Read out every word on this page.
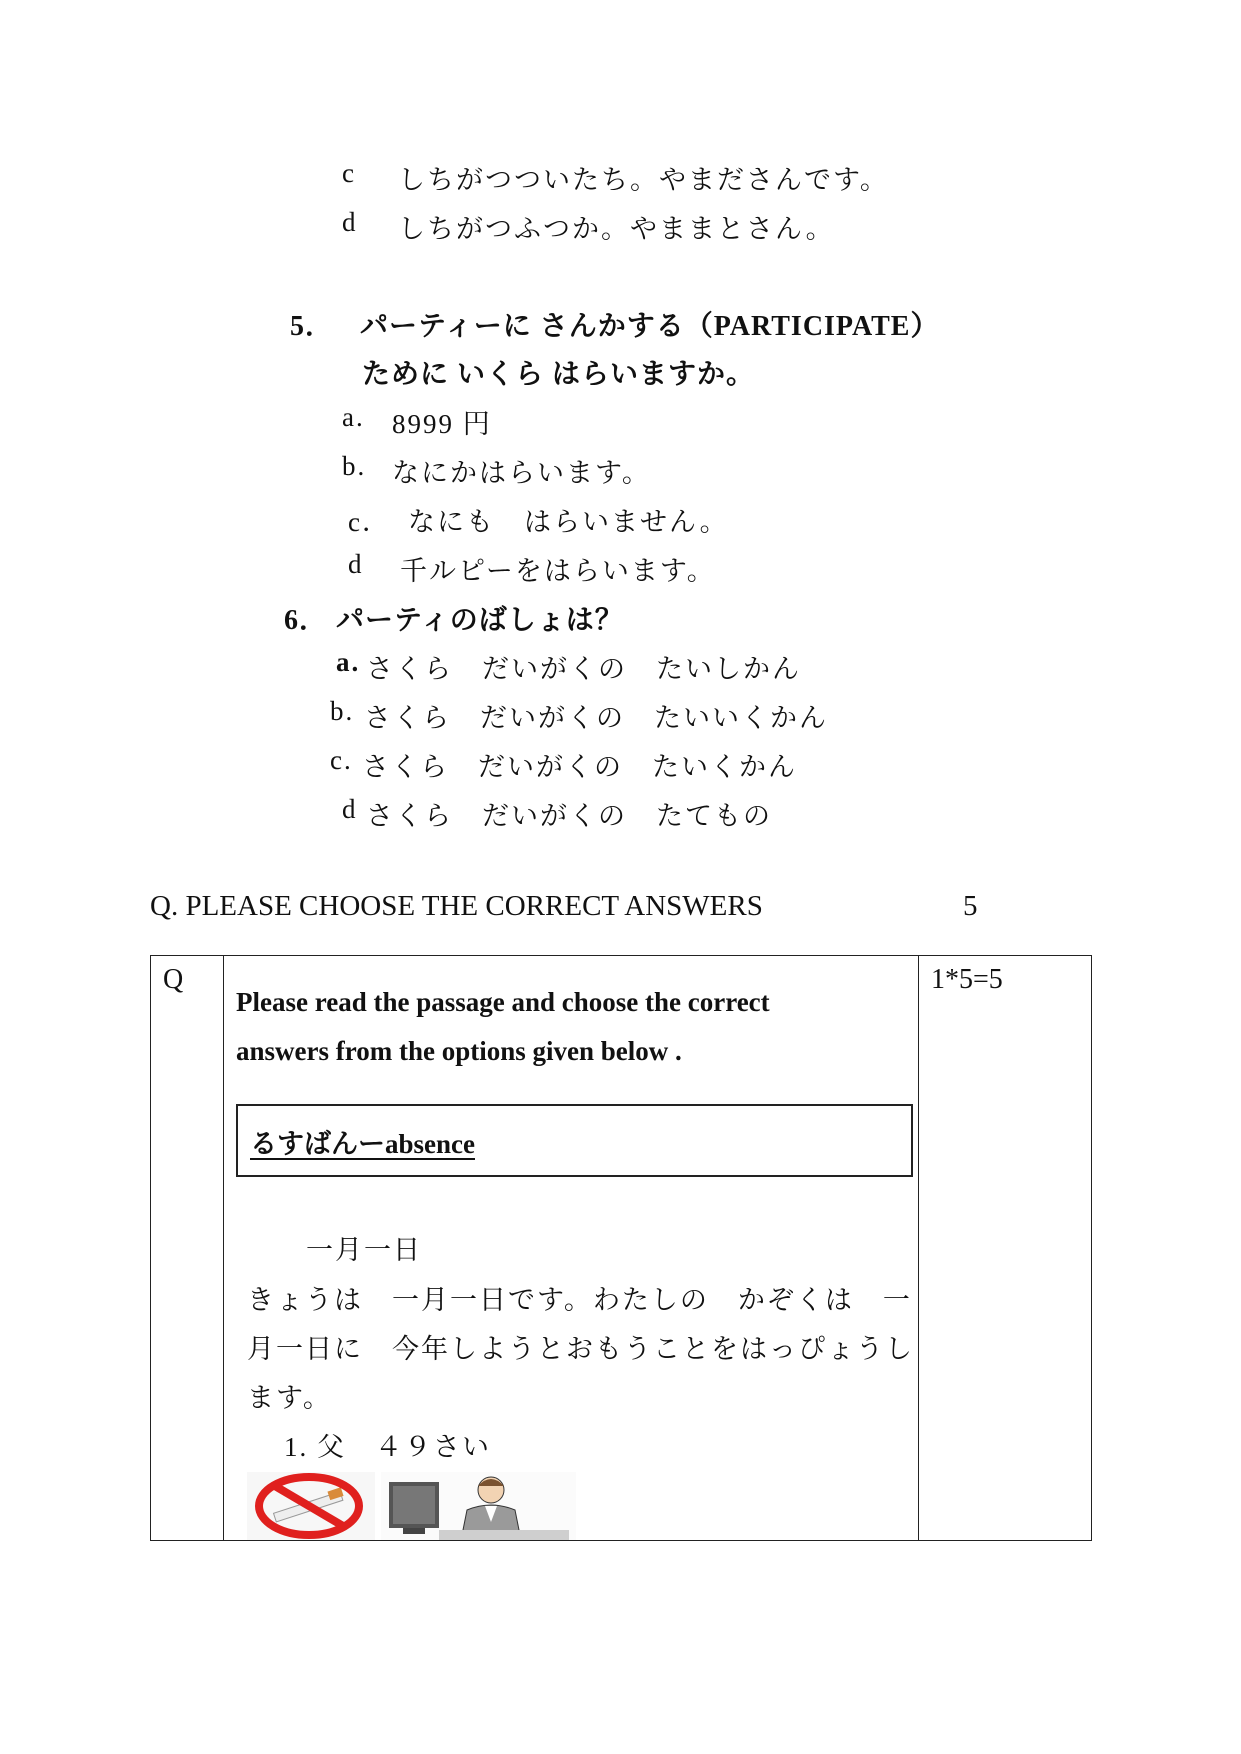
c しちがつついたち。やまださんです。
d しちがつふつか。やままとさん。
5． パーティーに さんかする（PARTICIPATE）
ために いくら はらいますか。
a. 8999 円
b. なにかはらいます。
c． なにも　はらいません。
d 千ルピーをはらいます。
6． パーティのばしょは？
a. さくら　だいがくの　たいしかん
b. さくら　だいがくの　たいいくかん
c. さくら　だいがくの　たいくかん
d さくら　だいがくの　たてもの
Q. PLEASE CHOOSE THE CORRECT ANSWERS	5
Q	1*5=5
Please read the passage and choose the correct
answers from the options given below .
るすばんーabsence
一月一日
きょうは　一月一日です。わたしの　かぞくは　一
月一日に　今年しようとおもうことをはっぴょうし
ます。
1. 父　４９さい
